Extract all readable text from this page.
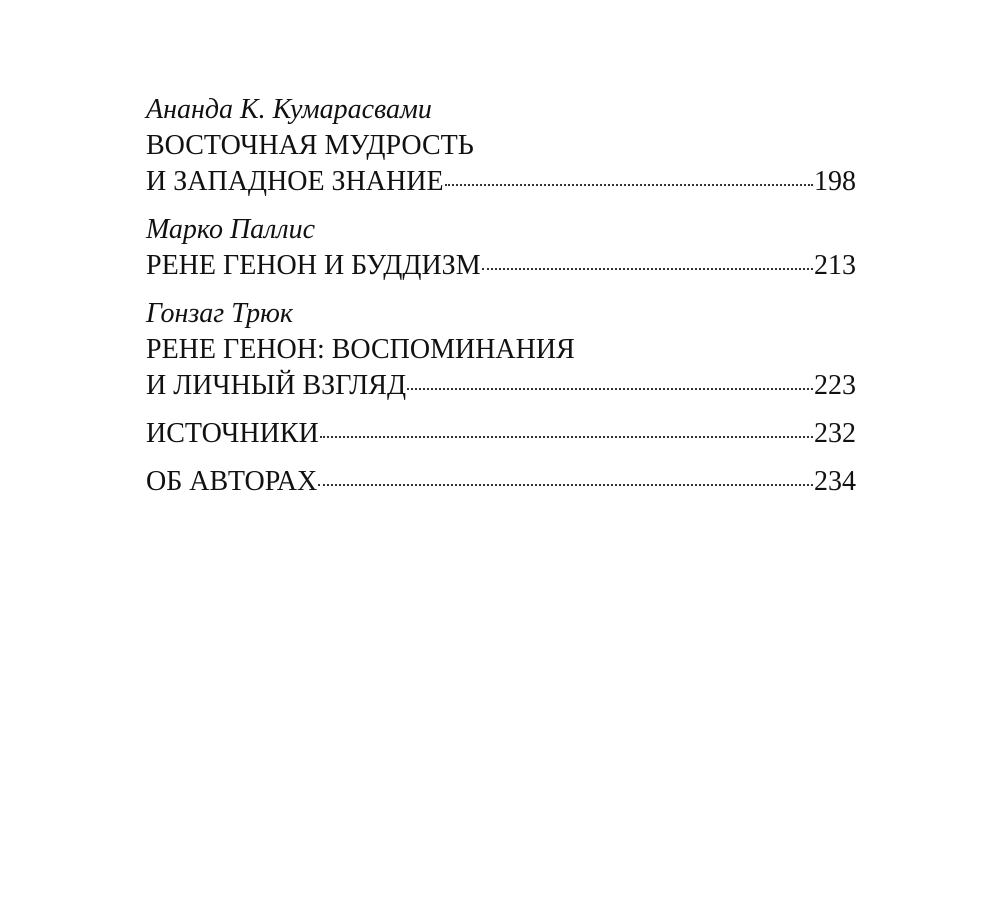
Ананда К. Кумарасвами
ВОСТОЧНАЯ МУДРОСТЬ
И ЗАПАДНОЕ ЗНАНИЕ	198
Марко Паллис
РЕНЕ ГЕНОН И БУДДИЗМ	213
Гонзаг Трюк
РЕНЕ ГЕНОН: ВОСПОМИНАНИЯ
И ЛИЧНЫЙ ВЗГЛЯД	223
ИСТОЧНИКИ	232
ОБ АВТОРАХ	234
